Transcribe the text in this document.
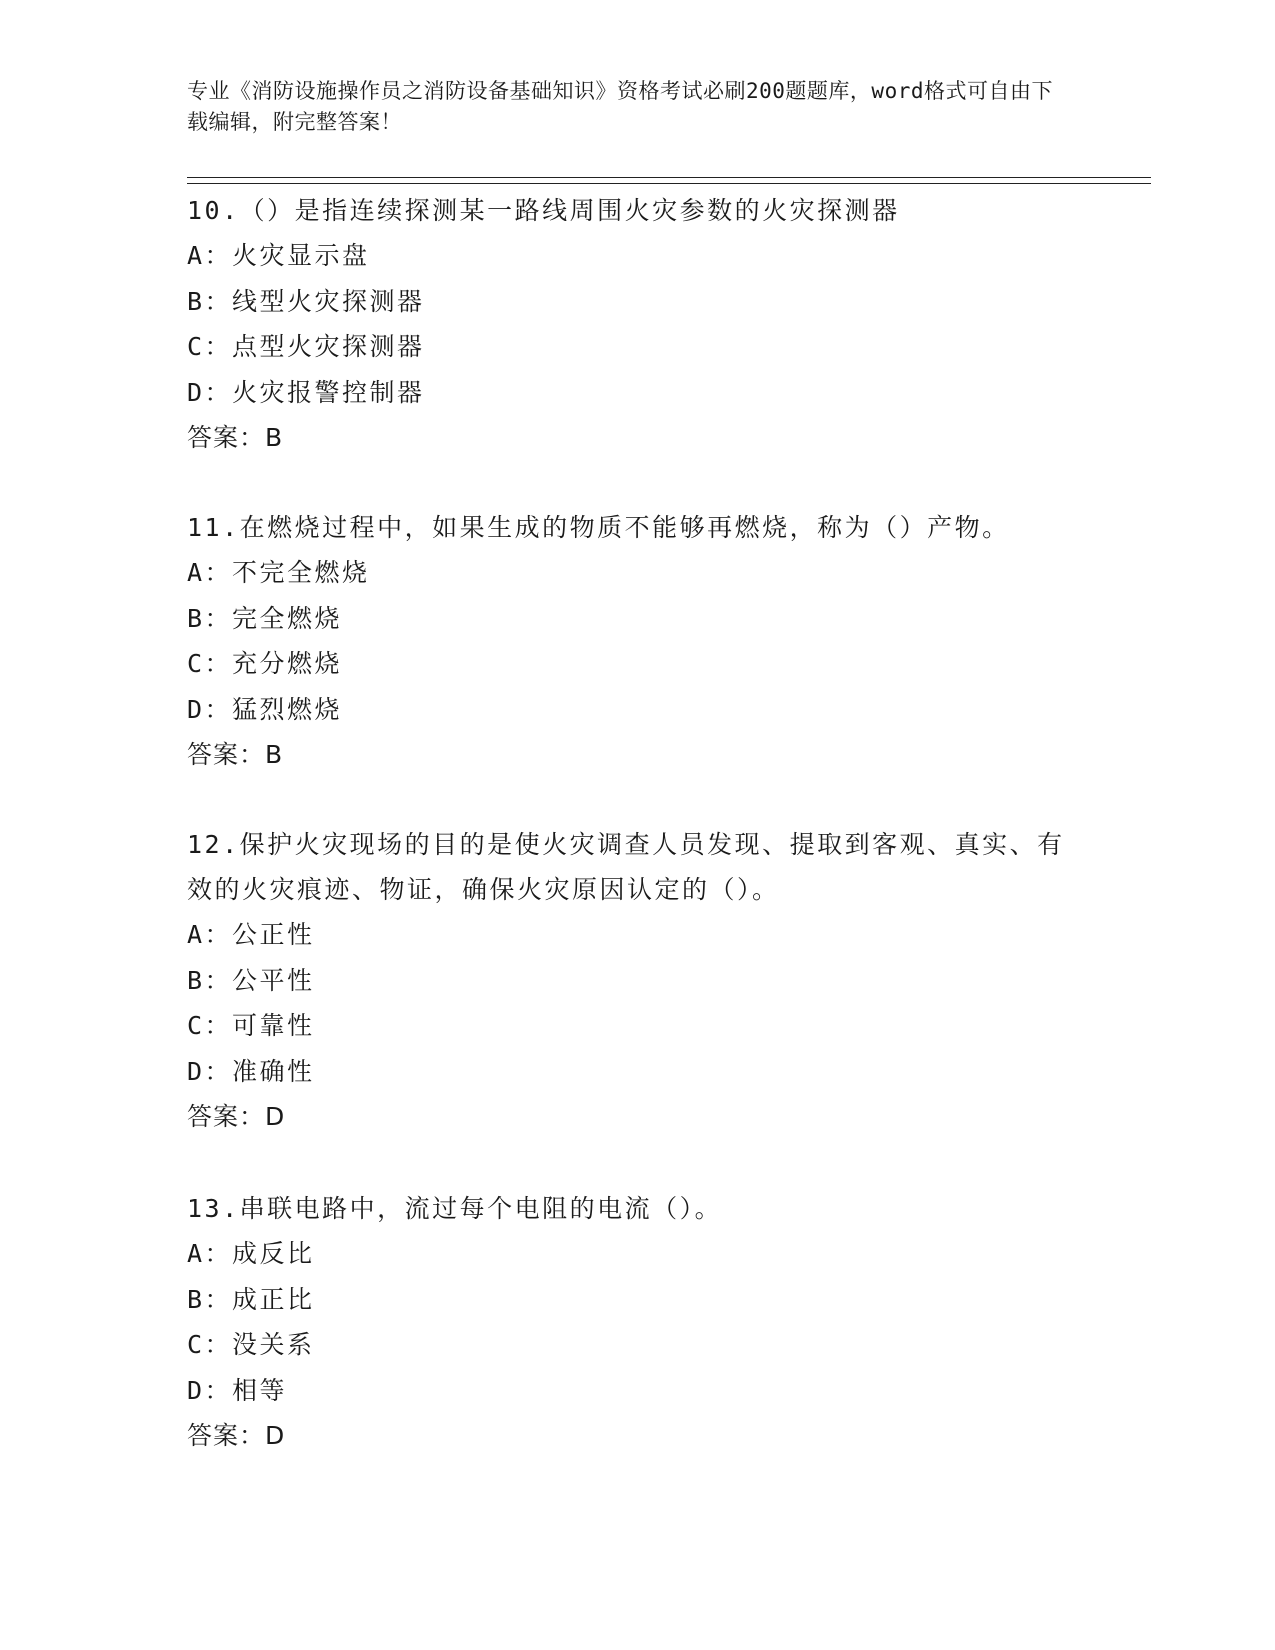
专业《消防设施操作员之消防设备基础知识》资格考试必刷200题题库，word格式可自由下载编辑，附完整答案！

10.（）是指连续探测某一路线周围火灾参数的火灾探测器

A：火灾显示盘

B：线型火灾探测器

C：点型火灾探测器

D：火灾报警控制器

答案：B

11.在燃烧过程中，如果生成的物质不能够再燃烧，称为（）产物。

A：不完全燃烧

B：完全燃烧

C：充分燃烧

D：猛烈燃烧

答案：B

12.保护火灾现场的目的是使火灾调查人员发现、提取到客观、真实、有效的火灾痕迹、物证，确保火灾原因认定的（）。

A：公正性

B：公平性

C：可靠性

D：准确性

答案：D

13.串联电路中，流过每个电阻的电流（）。

A：成反比

B：成正比

C：没关系

D：相等

答案：D
